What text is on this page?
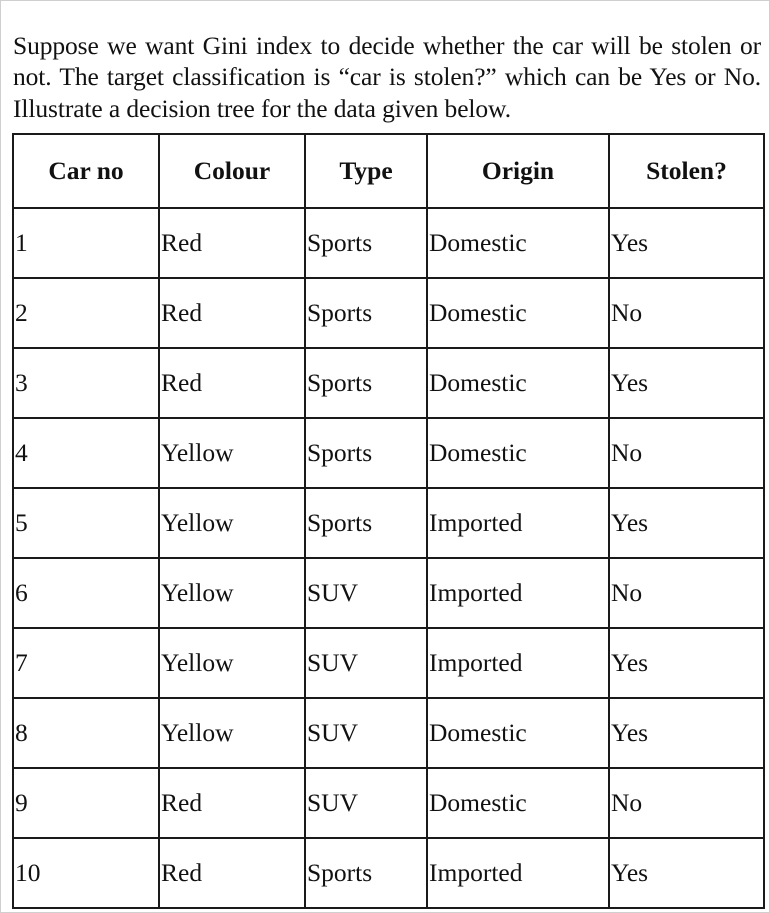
Suppose we want Gini index to decide whether the car will be stolen or not. The target classification is “car is stolen?” which can be Yes or No. Illustrate a decision tree for the data given below.

Car no	Colour	Type	Origin	Stolen?
1	Red	Sports	Domestic	Yes
2	Red	Sports	Domestic	No
3	Red	Sports	Domestic	Yes
4	Yellow	Sports	Domestic	No
5	Yellow	Sports	Imported	Yes
6	Yellow	SUV	Imported	No
7	Yellow	SUV	Imported	Yes
8	Yellow	SUV	Domestic	Yes
9	Red	SUV	Domestic	No
10	Red	Sports	Imported	Yes
